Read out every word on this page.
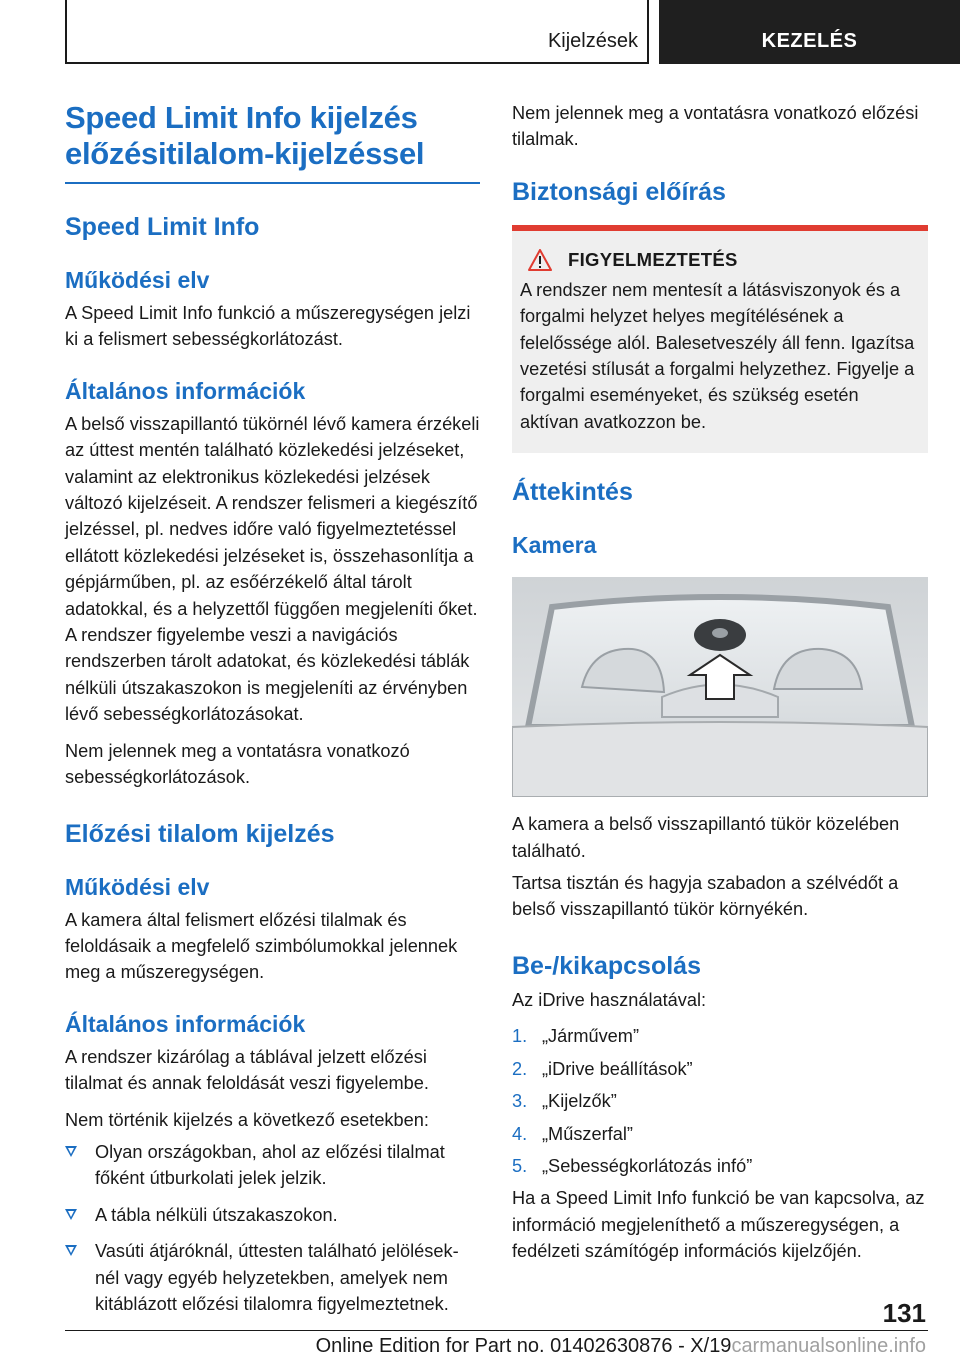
Kijelzések	KEZELÉS
Speed Limit Info kijelzés
előzésitilalom-kijelzéssel
Speed Limit Info
Működési elv

A Speed Limit Info funkció a műszeregységen jelzi ki a felismert sebességkorlátozást.

Általános információk

A belső visszapillantó tükörnél lévő kamera érzékeli az úttest mentén található közlekedési jelzéseket, valamint az elektronikus közlekedési jelzések változó kijelzéseit. A rendszer felismeri a kiegészítő jelzéssel, pl. nedves időre való figyelmeztetéssel ellátott közlekedési jelzéseket is, összehasonlítja a gépjárműben, pl. az esőérzékelő által tárolt adatokkal, és a helyzettől függően megjeleníti őket. A rendszer figyelembe veszi a navigációs rendszerben tárolt adatokat, és közlekedési táblák nélküli útszakaszokon is megjeleníti az érvényben lévő sebességkorlátozásokat.

Nem jelennek meg a vontatásra vonatkozó sebességkorlátozások.

Előzési tilalom kijelzés
Működési elv

A kamera által felismert előzési tilalmak és feloldásaik a megfelelő szimbólumokkal jelennek meg a műszeregységen.

Általános információk

A rendszer kizárólag a táblával jelzett előzési tilalmat és annak feloldását veszi figyelembe.

Nem történik kijelzés a következő esetekben:

Olyan országokban, ahol az előzési tilalmat főként útburkolati jelek jelzik.
A tábla nélküli útszakaszokon.
Vasúti átjáróknál, úttesten található jelölések-nél vagy egyéb helyzetekben, amelyek nem kitáblázott előzési tilalomra figyelmeztetnek.

Nem jelennek meg a vontatásra vonatkozó előzési tilalmak.

Biztonsági előírás
FIGYELMEZTETÉS

A rendszer nem mentesít a látásviszonyok és a forgalmi helyzet helyes megítélésének a felelőssége alól. Balesetveszély áll fenn. Igazítsa vezetési stílusát a forgalmi helyzethez. Figyelje a forgalmi eseményeket, és szükség esetén aktívan avatkozzon be.

Áttekintés
Kamera

A kamera a belső visszapillantó tükör közelében található.

Tartsa tisztán és hagyja szabadon a szélvédőt a belső visszapillantó tükör környékén.

Be-/kikapcsolás

Az iDrive használatával:

1. „Járművem”
2. „iDrive beállítások”
3. „Kijelzők”
4. „Műszerfal”
5. „Sebességkorlátozás infó”

Ha a Speed Limit Info funkció be van kapcsolva, az információ megjeleníthető a műszeregységen, a fedélzeti számítógép információs kijelzőjén.

131
Online Edition for Part no. 01402630876 - X/19carmanualsonline.info
